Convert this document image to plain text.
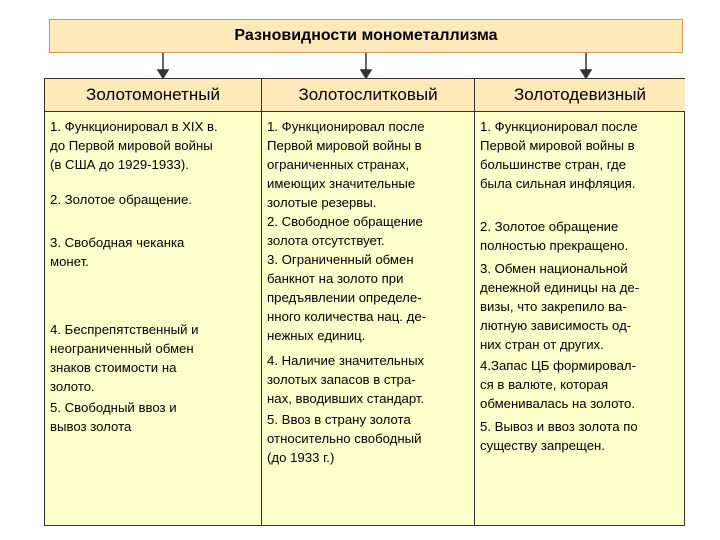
Разновидности монометаллизма
Золотомонетный	Золотослитковый	Золотодевизный

1. Функционировал в XIX в.
до Первой мировой войны
(в США до 1929-1933).

2. Золотое обращение.

3. Свободная чеканка
монет.

4. Беспрепятственный и
неограниченный обмен
знаков стоимости на
золото.

5. Свободный ввоз и
вывоз золота

1. Функционировал после
Первой мировой войны в
ограниченных странах,
имеющих значительные
золотые резервы.

2. Свободное обращение
золота отсутствует.

3. Ограниченный обмен
банкнот на золото при
предъявлении определе-
нного количества нац. де-
нежных единиц.

4. Наличие значительных
золотых запасов в стра-
нах, вводивших стандарт.

5. Ввоз в страну золота
относительно свободный
(до 1933 г.)

1. Функционировал после
Первой мировой войны в
большинстве стран, где
была сильная инфляция.

2. Золотое обращение
полностью прекращено.

3. Обмен национальной
денежной единицы на де-
визы, что закрепило ва-
лютную зависимость од-
них стран от других.

4.Запас ЦБ формировал-
ся в валюте, которая
обменивалась на золото.

5. Вывоз и ввоз золота по
существу запрещен.
